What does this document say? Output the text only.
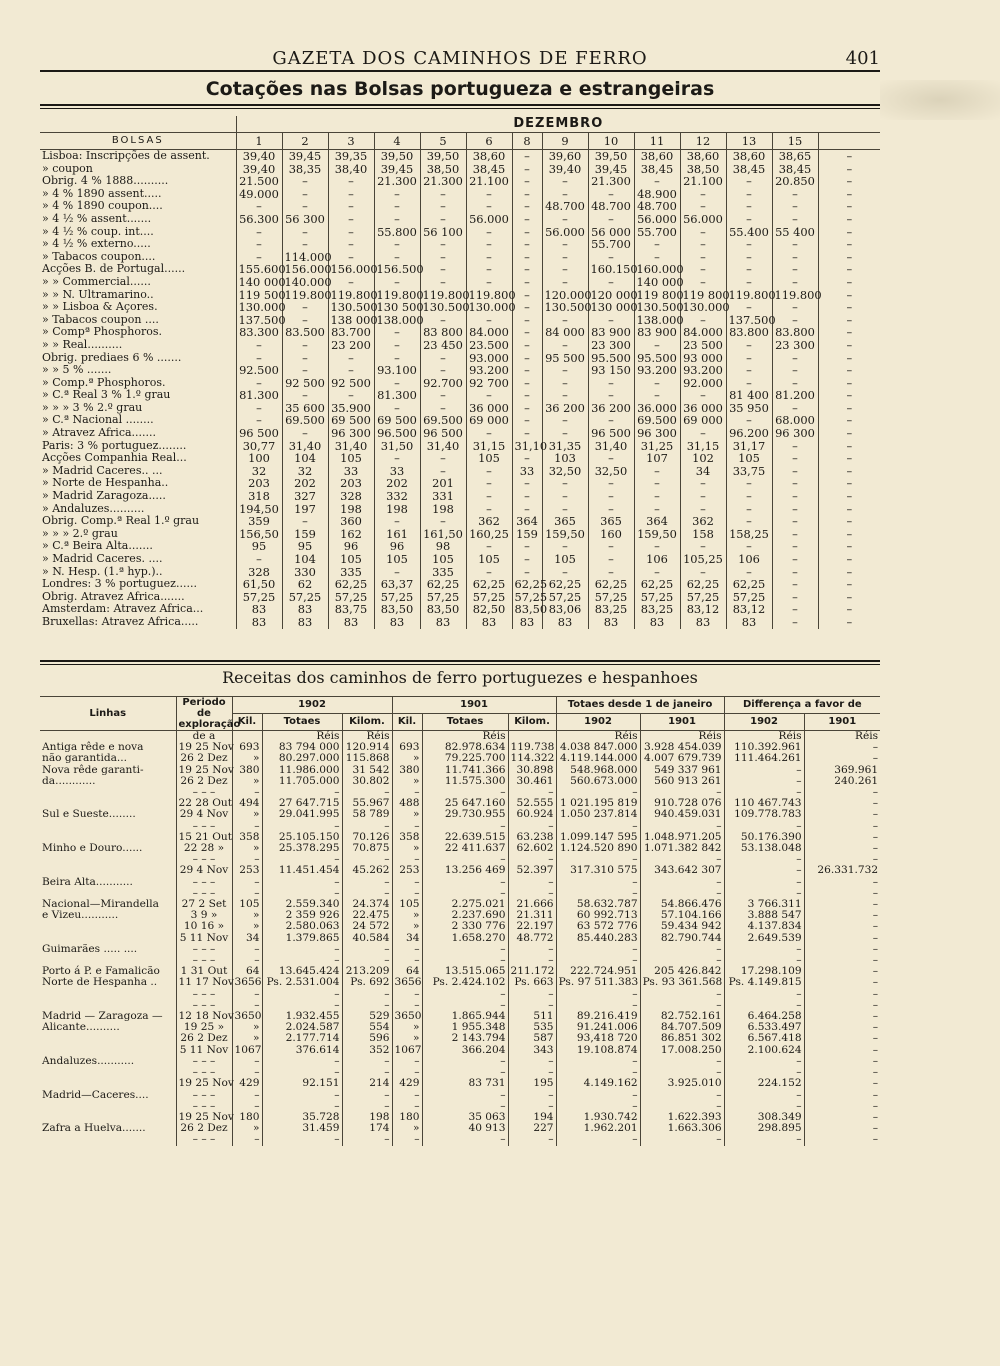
GAZETA DOS CAMINHOS DE FERRO	401
Cotações nas Bolsas portugueza e estrangeiras
	DEZEMBRO													
BOLSAS	1	2	3	4	5	6	8	9	10	11	12	13	15	
Lisboa: Inscripções de assent.	39,40	39,45	39,35	39,50	39,50	38,60	–	39,60	39,50	38,60	38,60	38,60	38,65	–
» coupon	39,40	38,35	38,40	39,45	38,50	38,45	–	39,40	39,45	38,45	38,50	38,45	38,45	–
Obrig. 4 % 1888..........	21.500	–	–	21.300	21.300	21.100	–	–	21.300	–	21.100	–	20.850	–
» 4 % 1890 assent.....	49.000	–	–	–	–	–	–	–	–	48.900	–	–	–	–
» 4 % 1890 coupon....	–	–	–	–	–	–	–	48.700	48.700	48.700	–	–	–	–
» 4 ½ % assent.......	56.300	56 300	–	–	–	56.000	–	–	–	56.000	56.000	–	–	–
» 4 ½ % coup. int....	–	–	–	55.800	56 100	–	–	56.000	56 000	55.700	–	55.400	55 400	–
» 4 ½ % externo.....	–	–	–	–	–	–	–	–	55.700	–	–	–	–	–
» Tabacos coupon....	–	114.000	–	–	–	–	–	–	–	–	–	–	–	–
Acções B. de Portugal......	155.600	156.000	156.000	156.500	–	–	–	–	160.150	160.000	–	–	–	–
» » Commercial......	140 000	140.000	–	–	–	–	–	–	–	140 000	–	–	–	–
» » N. Ultramarino..	119 500	119.800	119.800	119.800	119.800	119.800	–	120.000	120 000	119 800	119 800	119.800	119.800	–
» » Lisboa & Açores.	130.000	–	130.500	130 500	130.500	130.000	–	130.500	130 000	130.500	130.000	–	–	–
» Tabacos coupon ....	137.500	–	138 000	138.000	–	–	–	–	–	138.000	–	137.500	–	–
» Compª Phosphoros.	83.300	83.500	83.700	–	83 800	84.000	–	84 000	83 900	83 900	84.000	83.800	83.800	–
» » Real..........	–	–	23 200	–	23 450	23.500	–	–	23 300	–	23 500	–	23 300	–
Obrig. prediaes 6 % .......	–	–	–	–	–	93.000	–	95 500	95.500	95.500	93 000	–	–	–
» » 5 % .......	92.500	–	–	93.100	–	93.200	–	–	93 150	93.200	93.200	–	–	–
» Comp.ª Phosphoros.	–	92 500	92 500	–	92.700	92 700	–	–	–	–	92.000	–	–	–
» C.ª Real 3 % 1.º grau	81.300	–	–	81.300	–	–	–	–	–	–	–	81 400	81.200	–
» » » 3 % 2.º grau	–	35 600	35.900	–	–	36 000	–	36 200	36 200	36.000	36 000	35 950	–	–
» C.ª Nacional ........	–	69.500	69 500	69 500	69.500	69 000	–	–	–	69.500	69 000	–	68.000	–
» Atravez Africa.......	96 500	–	96 300	96.500	96 500	–	–	–	96 500	96 300	–	96.200	96 300	–
Paris: 3 % portuguez........	30,77	31,40	31,40	31,50	31,40	31,15	31,10	31,35	31,40	31,25	31,15	31,17	–	–
Acções Companhia Real...	100	104	105	–	–	105	–	103	–	107	102	105	–	–
» Madrid Caceres.. ...	32	32	33	33	–	–	33	32,50	32,50	–	34	33,75	–	–
» Norte de Hespanha..	203	202	203	202	201	–	–	–	–	–	–	–	–	–
» Madrid Zaragoza.....	318	327	328	332	331	–	–	–	–	–	–	–	–	–
» Andaluzes..........	194,50	197	198	198	198	–	–	–	–	–	–	–	–	–
Obrig. Comp.ª Real 1.º grau	359	–	360	–	–	362	364	365	365	364	362	–	–	–
» » » 2.º grau	156,50	159	162	161	161,50	160,25	159	159,50	160	159,50	158	158,25	–	–
» C.ª Beira Alta.......	95	95	96	96	98	–	–	–	–	–	–	–	–	–
» Madrid Caceres. ....	–	104	105	105	105	105	–	105	–	106	105,25	106	–	–
» N. Hesp. (1.ª hyp.)..	328	330	335	–	335	–	–	–	–	–	–	–	–	–
Londres: 3 % portuguez......	61,50	62	62,25	63,37	62,25	62,25	62,25	62,25	62,25	62,25	62,25	62,25	–	–
Obrig. Atravez Africa.......	57,25	57,25	57,25	57,25	57,25	57,25	57,25	57,25	57,25	57,25	57,25	57,25	–	–
Amsterdam: Atravez Africa...	83	83	83,75	83,50	83,50	82,50	83,50	83,06	83,25	83,25	83,12	83,12	–	–
Bruxellas: Atravez Africa.....	83	83	83	83	83	83	83	83	83	83	83	83	–	–
Receitas dos caminhos de ferro portuguezes e hespanhoes
Linhas	Periodo de exploração	1902			1901			Totaes desde 1 de janeiro		Differença a favor de	
		Kil.	Totaes	Kilom.	Kil.	Totaes	Kilom.	1902	1901	1902	1901
	de a		Réis	Réis		Réis		Réis	Réis	Réis	Réis
Antiga rêde e nova	19 25 Nov	693	83 794 000	120.914	693	82.978.634	119.738	4.038 847.000	3.928 454.039	110.392.961	–
não garantida...	26 2 Dez	»	80.297.000	115.868	»	79.225.700	114.322	4.119.144.000	4.007 679.739	111.464.261	–
Nova rêde garanti-	19 25 Nov	380	11.986.000	31 542	380	11.741.366	30.898	548.968.000	549 337 961	–	369.961
da............	26 2 Dez	»	11.705.000	30.802	»	11.575.300	30.461	560.673.000	560 913 261	–	240.261
	– – –	–	–	–	–	–	–	–	–	–	–
	22 28 Out	494	27 647.715	55.967	488	25 647.160	52.555	1 021.195 819	910.728 076	110 467.743	–
Sul e Sueste........	29 4 Nov	»	29.041.995	58 789	»	29.730.955	60.924	1.050 237.814	940.459.031	109.778.783	–
	– – –	–	–	–	–	–	–	–	–	–	–
	15 21 Out	358	25.105.150	70.126	358	22.639.515	63.238	1.099.147 595	1.048.971.205	50.176.390	–
Minho e Douro......	22 28 »	»	25.378.295	70.875	»	22 411.637	62.602	1.124.520 890	1.071.382 842	53.138.048	–
	– – –	–	–	–	–	–	–	–	–	–	–
	29 4 Nov	253	11.451.454	45.262	253	13.256 469	52.397	317.310 575	343.642 307	–	26.331.732
Beira Alta...........	– – –	–	–	–	–	–	–	–	–	–	–
	– – –	–	–	–	–	–	–	–	–	–	–
Nacional—Mirandella	27 2 Set	105	2.559.340	24.374	105	2.275.021	21.666	58.632.787	54.866.476	3 766.311	–
e Vizeu...........	3 9 »	»	2 359 926	22.475	»	2.237.690	21.311	60 992.713	57.104.166	3.888 547	–
	10 16 »	»	2.580.063	24 572	»	2 330 776	22.197	63 572 776	59.434 942	4.137.834	–
	5 11 Nov	34	1.379.865	40.584	34	1.658.270	48.772	85.440.283	82.790.744	2.649.539	–
Guimarães ..... ....	– – –	–	–	–	–	–	–	–	–	–	–
	– – –	–	–	–	–	–	–	–	–	–	–
Porto á P. e Famalicão	1 31 Out	64	13.645.424	213.209	64	13.515.065	211.172	222.724.951	205 426.842	17.298.109	–
Norte de Hespanha ..	11 17 Nov	3656	Ps. 2.531.004	Ps. 692	3656	Ps. 2.424.102	Ps. 663	Ps. 97 511.383	Ps. 93 361.568	Ps. 4.149.815	–
	– – –	–	–	–	–	–	–	–	–	–	–
	– – –	–	–	–	–	–	–	–	–	–	–
Madrid — Zaragoza —	12 18 Nov	3650	1.932.455	529	3650	1.865.944	511	89.216.419	82.752.161	6.464.258	–
Alicante..........	19 25 »	»	2.024.587	554	»	1 955.348	535	91.241.006	84.707.509	6.533.497	–
	26 2 Dez	»	2.177.714	596	»	2 143.794	587	93,418 720	86.851 302	6.567.418	–
	5 11 Nov	1067	376.614	352	1067	366.204	343	19.108.874	17.008.250	2.100.624	–
Andaluzes...........	– – –	–	–	–	–	–	–	–	–	–	–
	– – –	–	–	–	–	–	–	–	–	–	–
	19 25 Nov	429	92.151	214	429	83 731	195	4.149.162	3.925.010	224.152	–
Madrid—Caceres....	– – –	–	–	–	–	–	–	–	–	–	–
	– – –	–	–	–	–	–	–	–	–	–	–
	19 25 Nov	180	35.728	198	180	35 063	194	1.930.742	1.622.393	308.349	–
Zafra a Huelva.......	26 2 Dez	»	31.459	174	»	40 913	227	1.962.201	1.663.306	298.895	–
	– – –	–	–	–	–	–	–	–	–	–	–
